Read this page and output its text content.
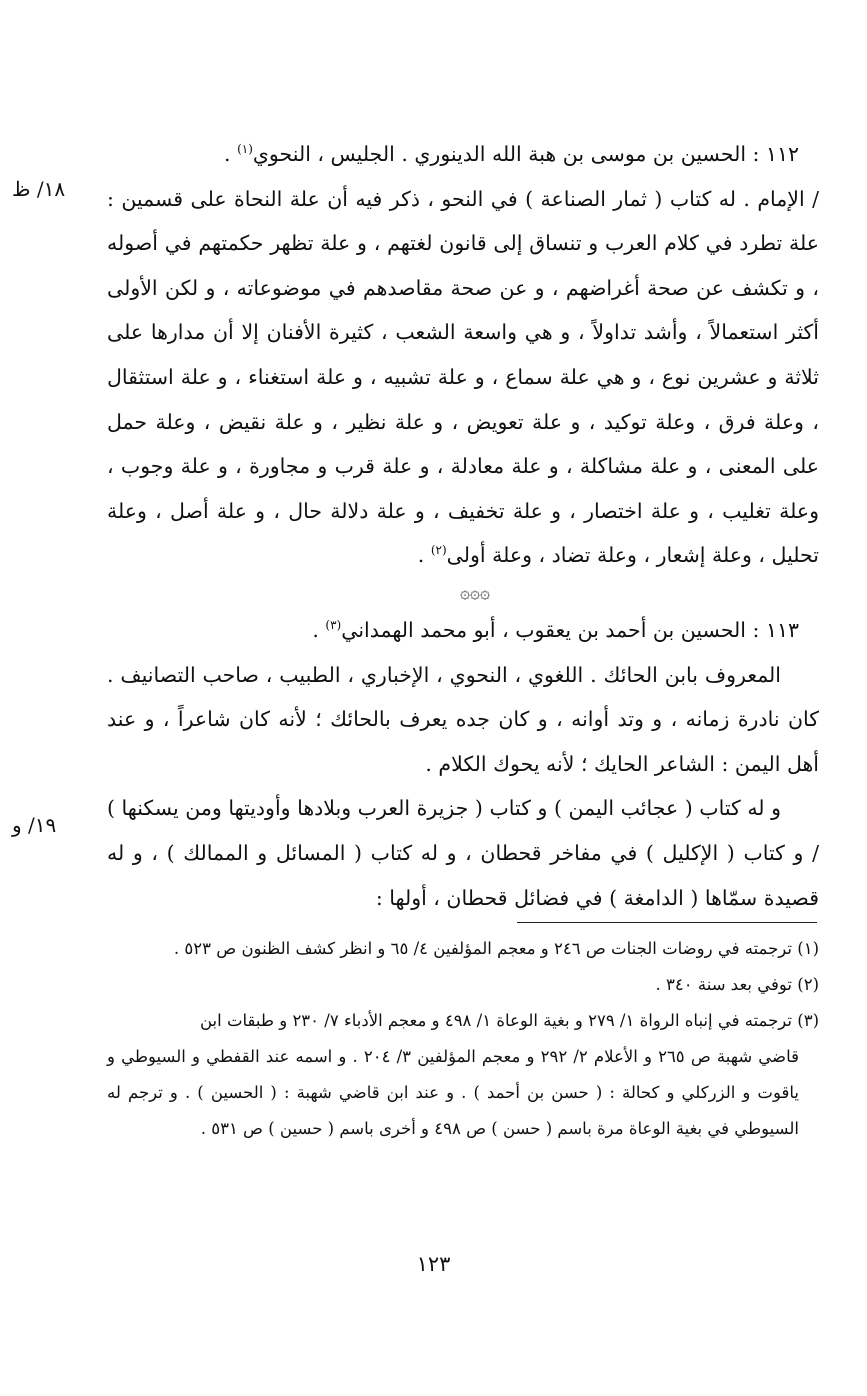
١١٢ : الحسين بن موسى بن هبة الله الدينوري . الجليس ، النحوي$^{(١)}$ .

/ الإمام . له كتاب ( ثمار الصناعة ) في النحو ، ذكر فيه أن علة النحاة على قسمين : علة تطرد في كلام العرب و تنساق إلى قانون لغتهم ، و علة تظهر حكمتهم في أصوله ، و تكشف عن صحة أغراضهم ، و عن صحة مقاصدهم في موضوعاته ، و لكن الأولى أكثر استعمالاً ، وأشد تداولاً ، و هي واسعة الشعب ، كثيرة الأفنان إلا أن مدارها على ثلاثة و عشرين نوع ، و هي علة سماع ، و علة تشبيه ، و علة استغناء ، و علة استثقال ، وعلة فرق ، وعلة توكيد ، و علة تعويض ، و علة نظير ، و علة نقيض ، وعلة حمل على المعنى ، و علة مشاكلة ، و علة معادلة ، و علة قرب و مجاورة ، و علة وجوب ، وعلة تغليب ، و علة اختصار ، و علة تخفيف ، و علة دلالة حال ، و علة أصل ، وعلة تحليل ، وعلة إشعار ، وعلة تضاد ، وعلة أولى$^{(٢)}$ .

۞۞۞

١١٣ : الحسين بن أحمد بن يعقوب ، أبو محمد الهمداني$^{(٣)}$ .

المعروف بابن الحائك . اللغوي ، النحوي ، الإخباري ، الطبيب ، صاحب التصانيف . كان نادرة زمانه ، و وتد أوانه ، و كان جده يعرف بالحائك ؛ لأنه كان شاعراً ، و عند أهل اليمن : الشاعر الحايك ؛ لأنه يحوك الكلام .

و له كتاب ( عجائب اليمن ) و كتاب ( جزيرة العرب وبلادها وأوديتها ومن يسكنها ) / و كتاب ( الإكليل ) في مفاخر قحطان ، و له كتاب ( المسائل و الممالك ) ، و له قصيدة سمّاها ( الدامغة ) في فضائل قحطان ، أولها :

١٨/ ظ
١٩/ و

(١) ترجمته في روضات الجنات ص ٢٤٦ و معجم المؤلفين ٤/ ٦٥ و انظر كشف الظنون ص ٥٢٣ .

(٢) توفي بعد سنة ٣٤٠ .

(٣) ترجمته في إنباه الرواة ١/ ٢٧٩ و بغية الوعاة ١/ ٤٩٨ و معجم الأدباء ٧/ ٢٣٠ و طبقات ابن

قاضي شهبة ص ٢٦٥ و الأعلام ٢/ ٢٩٢ و معجم المؤلفين ٣/ ٢٠٤ . و اسمه عند القفطي و السيوطي و ياقوت و الزركلي و كحالة : ( حسن بن أحمد ) . و عند ابن قاضي شهبة : ( الحسين ) . و ترجم له السيوطي في بغية الوعاة مرة باسم ( حسن ) ص ٤٩٨ و أخرى باسم ( حسين ) ص ٥٣١ .

١٢٣
